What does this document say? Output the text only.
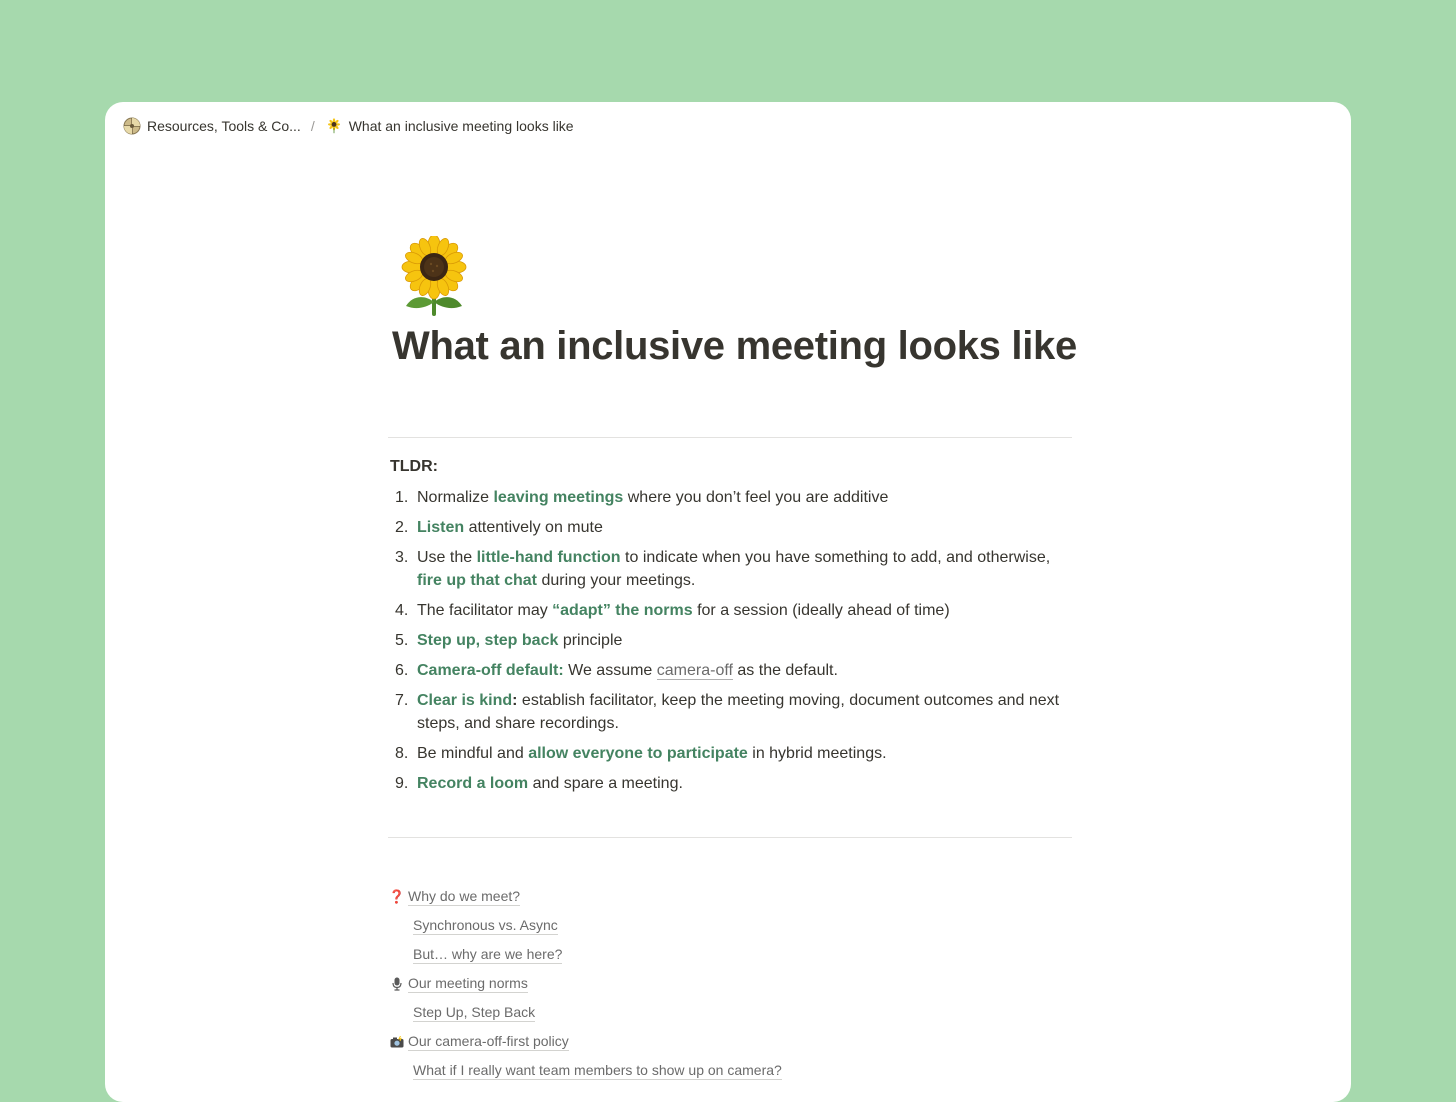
Resources, Tools & Co... / What an inclusive meeting looks like
What an inclusive meeting looks like
TLDR:
1. Normalize leaving meetings where you don’t feel you are additive
2. Listen attentively on mute
3. Use the little-hand function to indicate when you have something to add, and otherwise, fire up that chat during your meetings.
4. The facilitator may “adapt” the norms for a session (ideally ahead of time)
5. Step up, step back principle
6. Camera-off default: We assume camera-off as the default.
7. Clear is kind: establish facilitator, keep the meeting moving, document outcomes and next steps, and share recordings.
8. Be mindful and allow everyone to participate in hybrid meetings.
9. Record a loom and spare a meeting.
❓ Why do we meet?
Synchronous vs. Async
But… why are we here?
Our meeting norms
Step Up, Step Back
Our camera-off-first policy
What if I really want team members to show up on camera?
